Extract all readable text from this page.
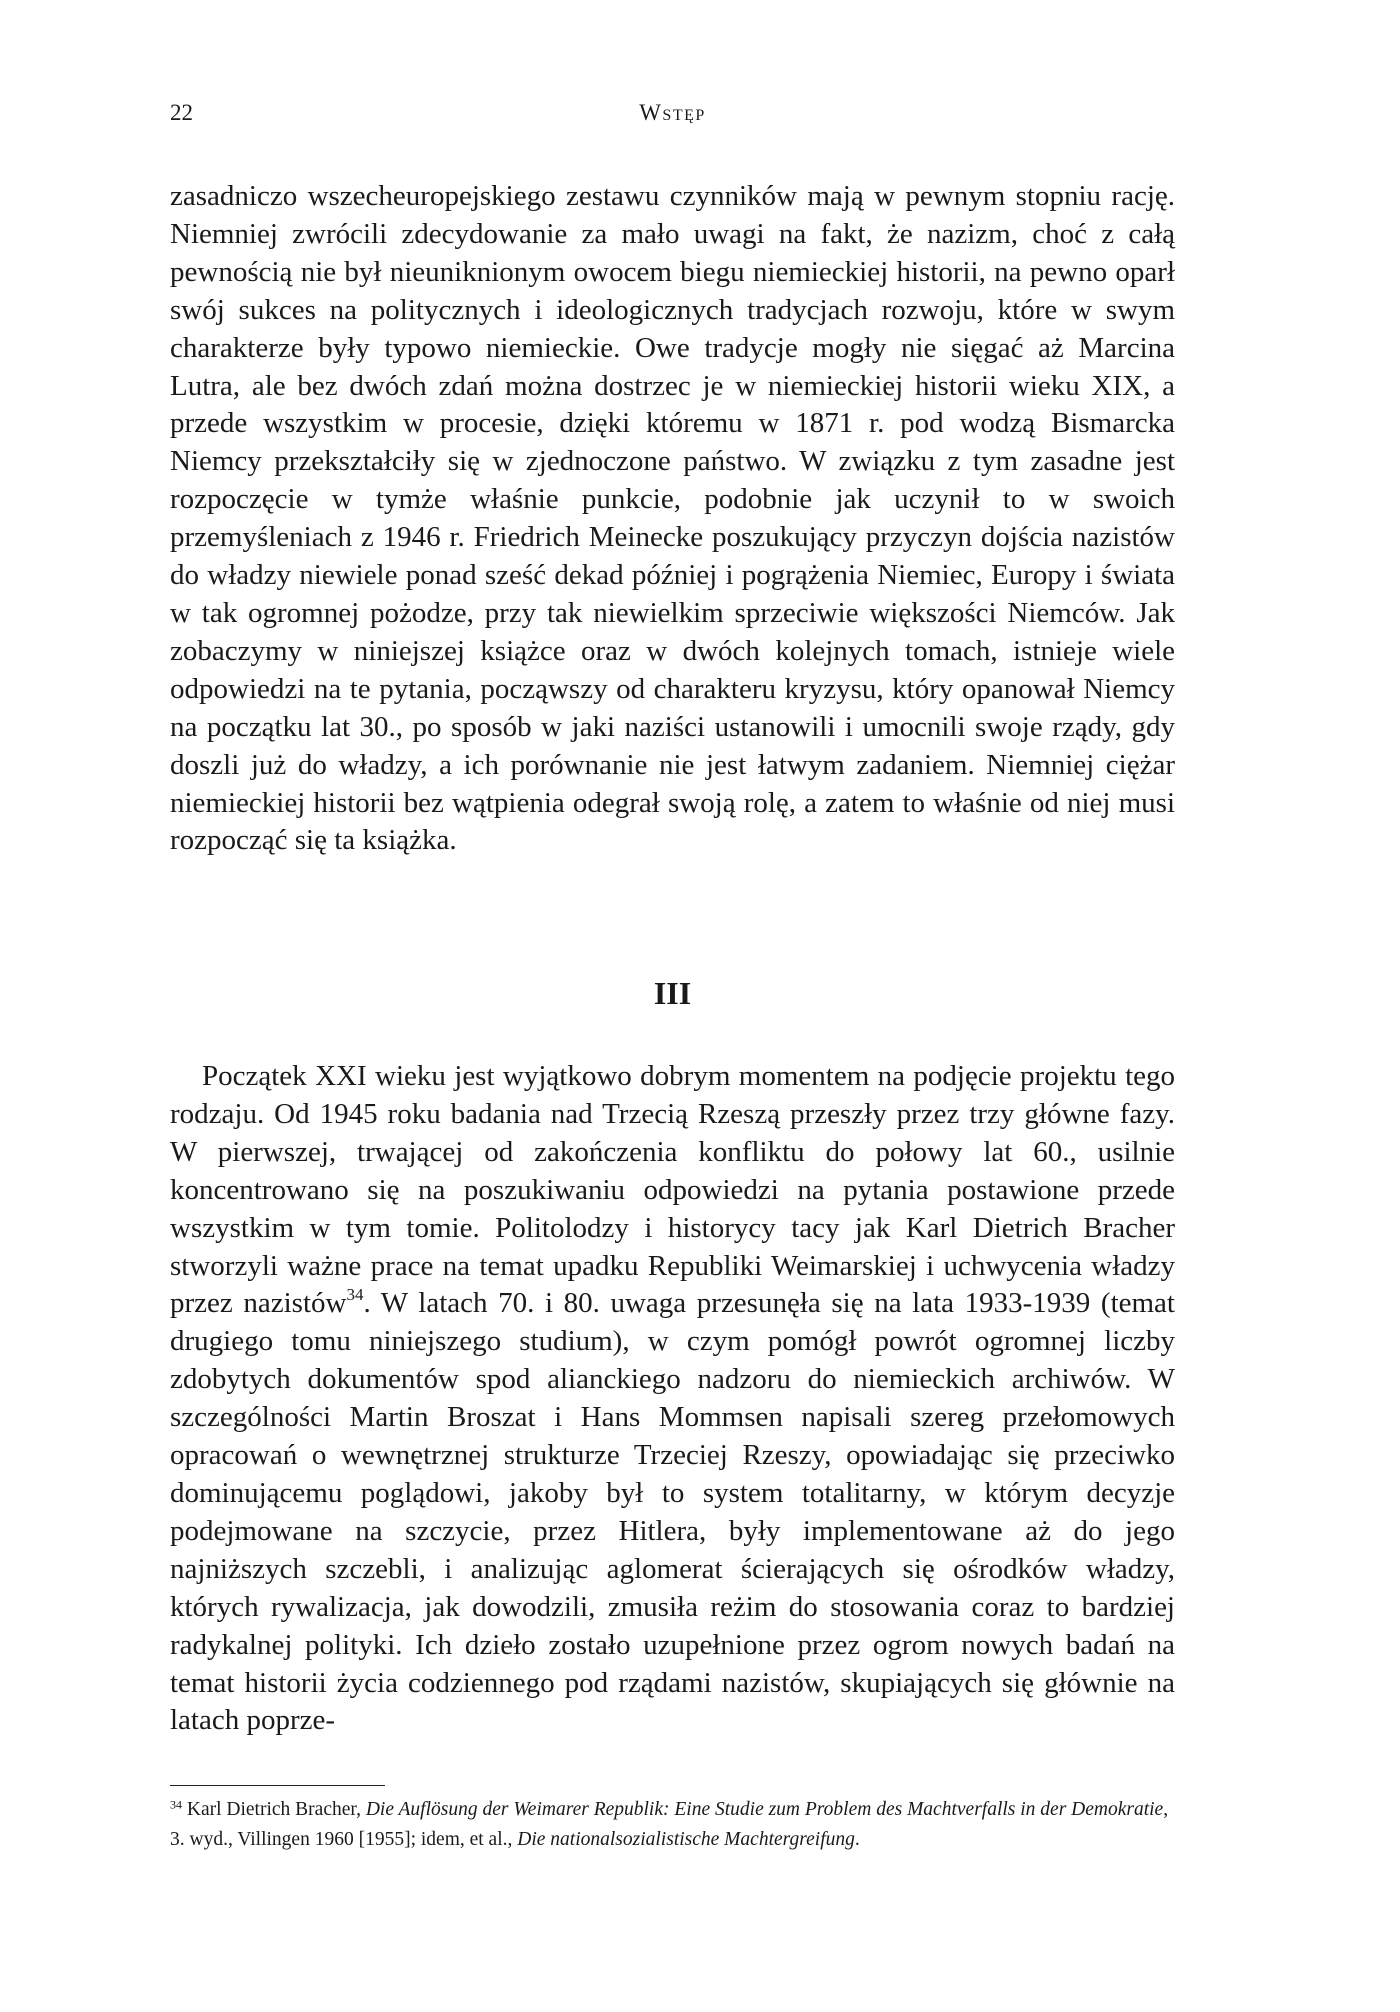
22	Wstęp

zasadniczo wszecheuropejskiego zestawu czynników mają w pewnym stopniu rację. Niemniej zwrócili zdecydowanie za mało uwagi na fakt, że nazizm, choć z całą pewnością nie był nieuniknionym owocem biegu niemieckiej historii, na pewno oparł swój sukces na politycznych i ideologicznych tradycjach rozwoju, które w swym charakterze były typowo niemieckie. Owe tradycje mogły nie sięgać aż Marcina Lutra, ale bez dwóch zdań można dostrzec je w niemieckiej historii wieku XIX, a przede wszystkim w procesie, dzięki któremu w 1871 r. pod wodzą Bismarcka Niemcy przekształciły się w zjednoczone państwo. W związku z tym zasadne jest rozpoczęcie w tymże właśnie punkcie, podobnie jak uczynił to w swoich przemyśleniach z 1946 r. Friedrich Meinecke poszukujący przyczyn dojścia nazistów do władzy niewiele ponad sześć dekad później i pogrążenia Niemiec, Europy i świata w tak ogromnej pożodze, przy tak niewielkim sprzeciwie większości Niemców. Jak zobaczymy w niniejszej książce oraz w dwóch kolejnych tomach, istnieje wiele odpowiedzi na te pytania, począwszy od charakteru kryzysu, który opanował Niemcy na początku lat 30., po sposób w jaki naziści ustanowili i umocnili swoje rządy, gdy doszli już do władzy, a ich porównanie nie jest łatwym zadaniem. Niemniej ciężar niemieckiej historii bez wątpienia odegrał swoją rolę, a zatem to właśnie od niej musi rozpocząć się ta książka.

III

Początek XXI wieku jest wyjątkowo dobrym momentem na podjęcie projektu tego rodzaju. Od 1945 roku badania nad Trzecią Rzeszą przeszły przez trzy główne fazy. W pierwszej, trwającej od zakończenia konfliktu do połowy lat 60., usilnie koncentrowano się na poszukiwaniu odpowiedzi na pytania postawione przede wszystkim w tym tomie. Politolodzy i historycy tacy jak Karl Dietrich Bracher stworzyli ważne prace na temat upadku Republiki Weimarskiej i uchwycenia władzy przez nazistów$^{34}$. W latach 70. i 80. uwaga przesunęła się na lata 1933-1939 (temat drugiego tomu niniejszego studium), w czym pomógł powrót ogromnej liczby zdobytych dokumentów spod alianckiego nadzoru do niemieckich archiwów. W szczególności Martin Broszat i Hans Mommsen napisali szereg przełomowych opracowań o wewnętrznej strukturze Trzeciej Rzeszy, opowiadając się przeciwko dominującemu poglądowi, jakoby był to system totalitarny, w którym decyzje podejmowane na szczycie, przez Hitlera, były implementowane aż do jego najniższych szczebli, i analizując aglomerat ścierających się ośrodków władzy, których rywalizacja, jak dowodzili, zmusiła reżim do stosowania coraz to bardziej radykalnej polityki. Ich dzieło zostało uzupełnione przez ogrom nowych badań na temat historii życia codziennego pod rządami nazistów, skupiających się głównie na latach poprze-

$^{34}$ Karl Dietrich Bracher, Die Auflösung der Weimarer Republik: Eine Studie zum Problem des Machtverfalls in der Demokratie, 3. wyd., Villingen 1960 [1955]; idem, et al., Die nationalsozialistische Machtergreifung.
